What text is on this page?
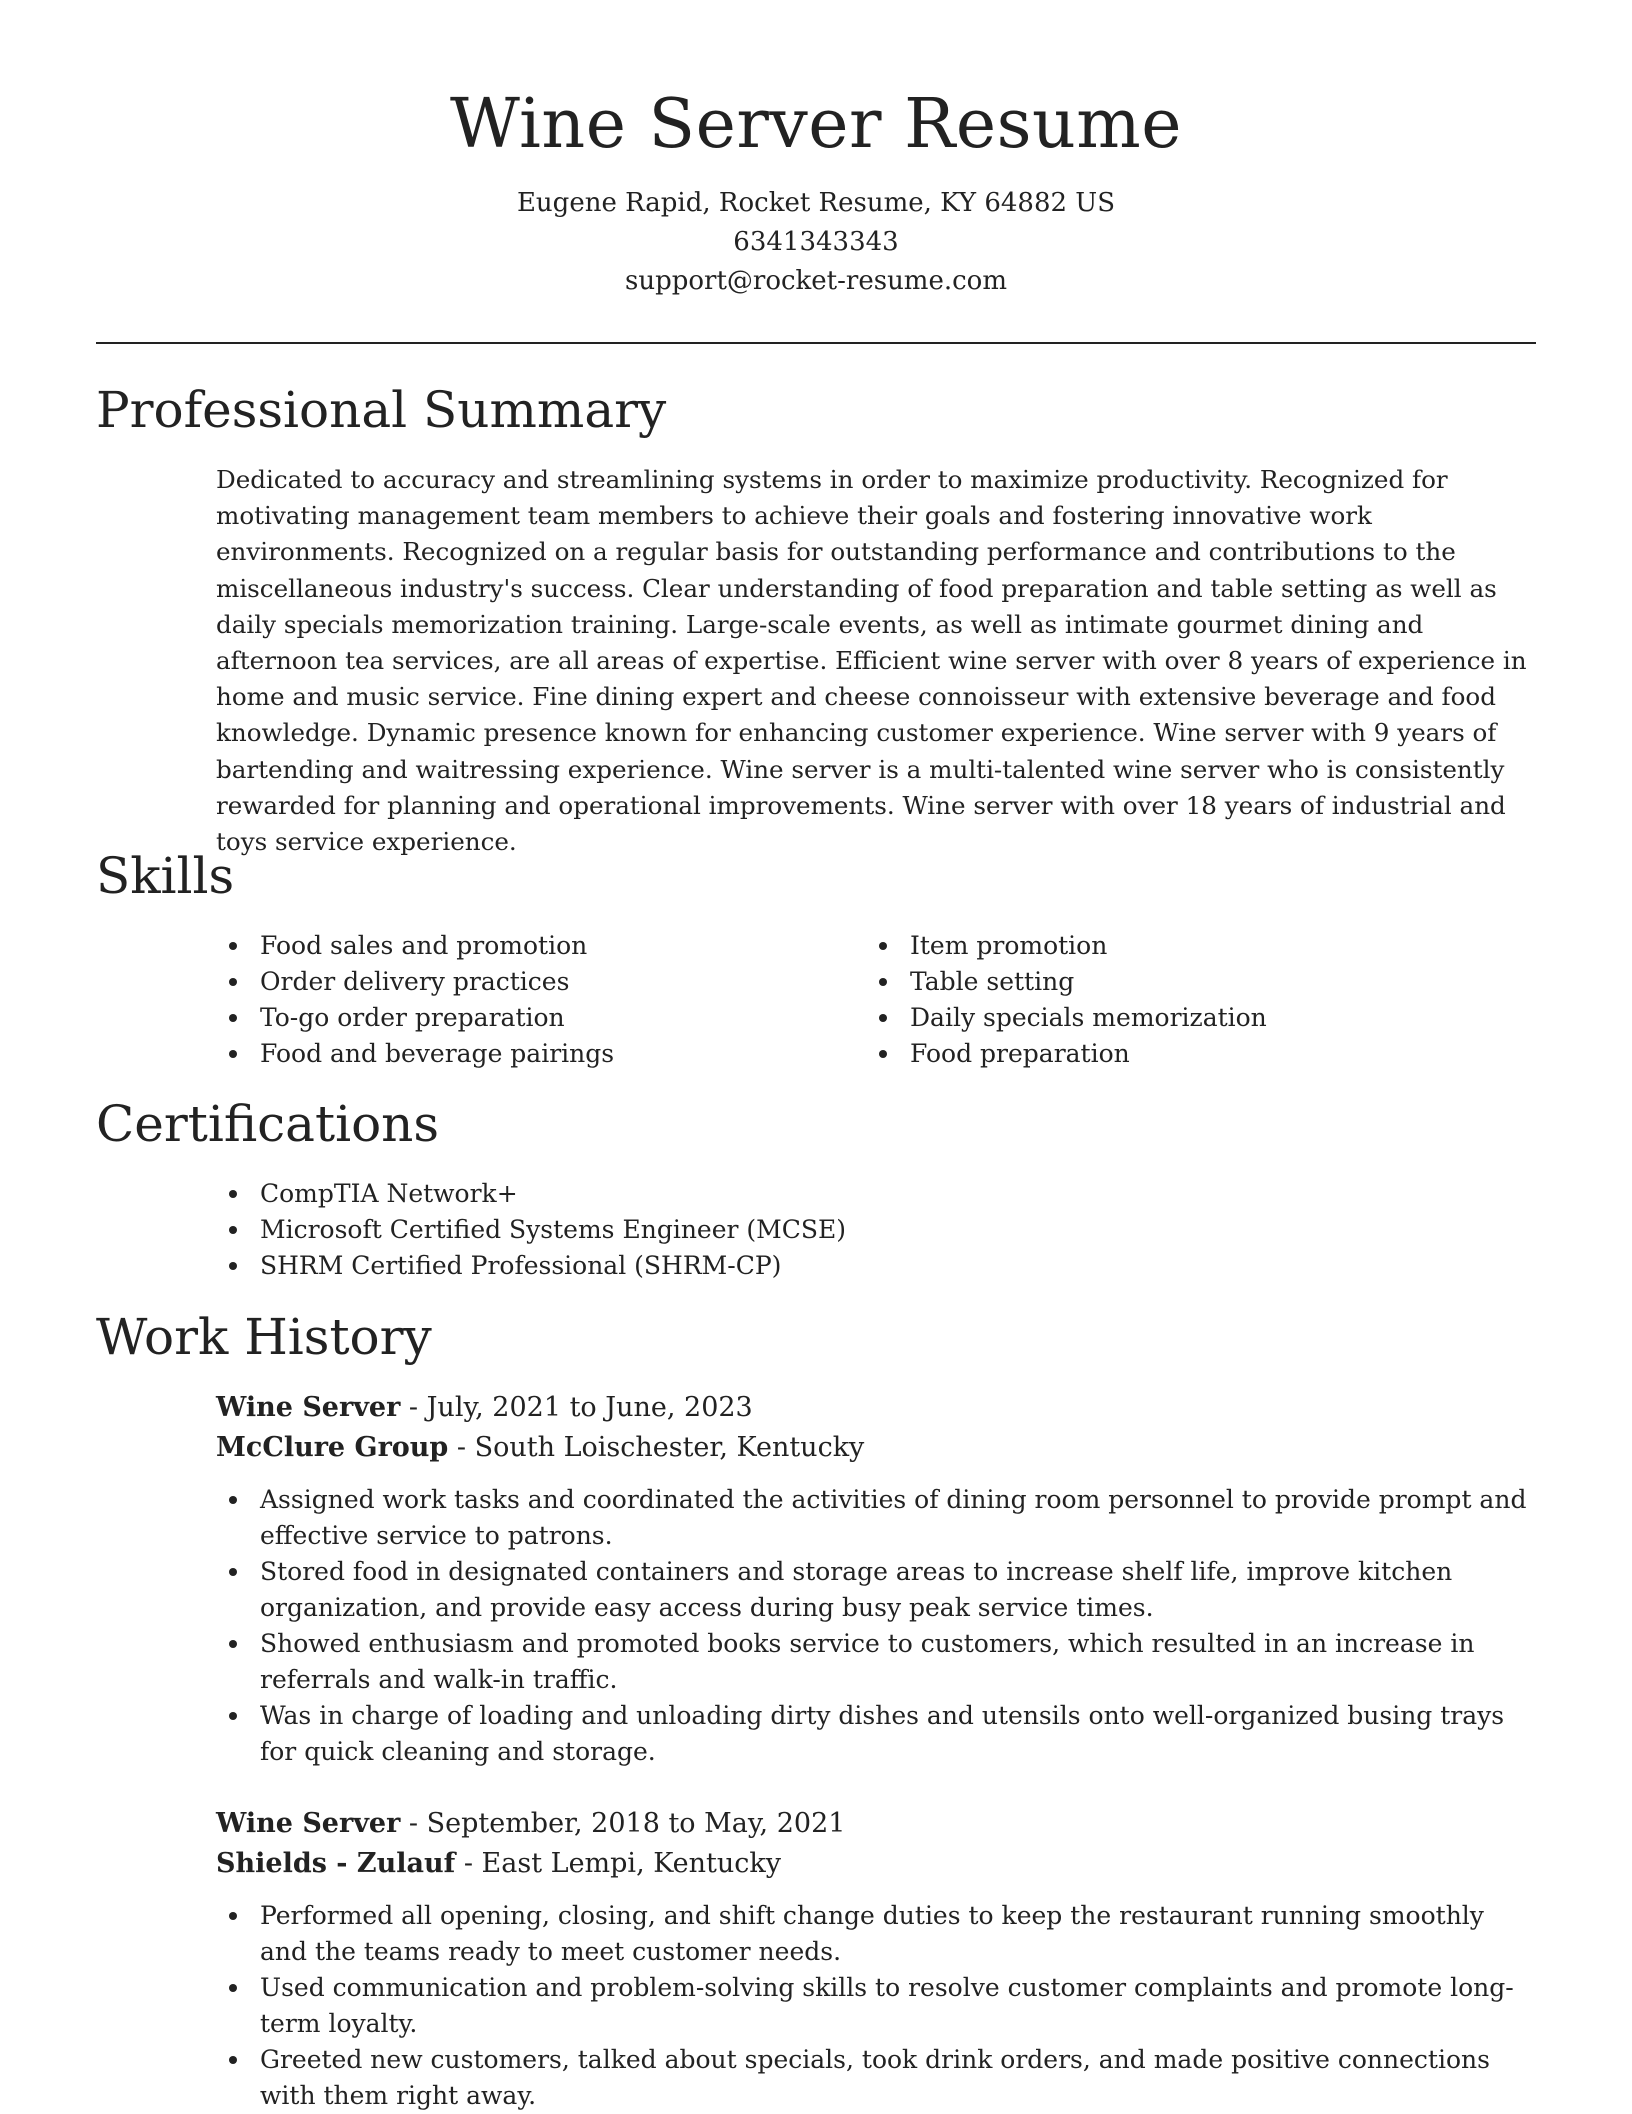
Wine Server Resume
Eugene Rapid, Rocket Resume, KY 64882 US
6341343343
support@rocket-resume.com
Professional Summary

Dedicated to accuracy and streamlining systems in order to maximize productivity. Recognized for motivating management team members to achieve their goals and fostering innovative work environments. Recognized on a regular basis for outstanding performance and contributions to the miscellaneous industry's success. Clear understanding of food preparation and table setting as well as daily specials memorization training. Large-scale events, as well as intimate gourmet dining and afternoon tea services, are all areas of expertise. Efficient wine server with over 8 years of experience in home and music service. Fine dining expert and cheese connoisseur with extensive beverage and food knowledge. Dynamic presence known for enhancing customer experience. Wine server with 9 years of bartending and waitressing experience. Wine server is a multi-talented wine server who is consistently rewarded for planning and operational improvements. Wine server with over 18 years of industrial and toys service experience.

Skills
Food sales and promotion
Order delivery practices
To-go order preparation
Food and beverage pairings
Item promotion
Table setting
Daily specials memorization
Food preparation
Certifications
CompTIA Network+
Microsoft Certified Systems Engineer (MCSE)
SHRM Certified Professional (SHRM-CP)
Work History
Wine Server - July, 2021 to June, 2023
McClure Group - South Loischester, Kentucky
Assigned work tasks and coordinated the activities of dining room personnel to provide prompt and effective service to patrons.
Stored food in designated containers and storage areas to increase shelf life, improve kitchen organization, and provide easy access during busy peak service times.
Showed enthusiasm and promoted books service to customers, which resulted in an increase in referrals and walk-in traffic.
Was in charge of loading and unloading dirty dishes and utensils onto well-organized busing trays for quick cleaning and storage.
Wine Server - September, 2018 to May, 2021
Shields - Zulauf - East Lempi, Kentucky
Performed all opening, closing, and shift change duties to keep the restaurant running smoothly and the teams ready to meet customer needs.
Used communication and problem-solving skills to resolve customer complaints and promote long-term loyalty.
Greeted new customers, talked about specials, took drink orders, and made positive connections with them right away.
